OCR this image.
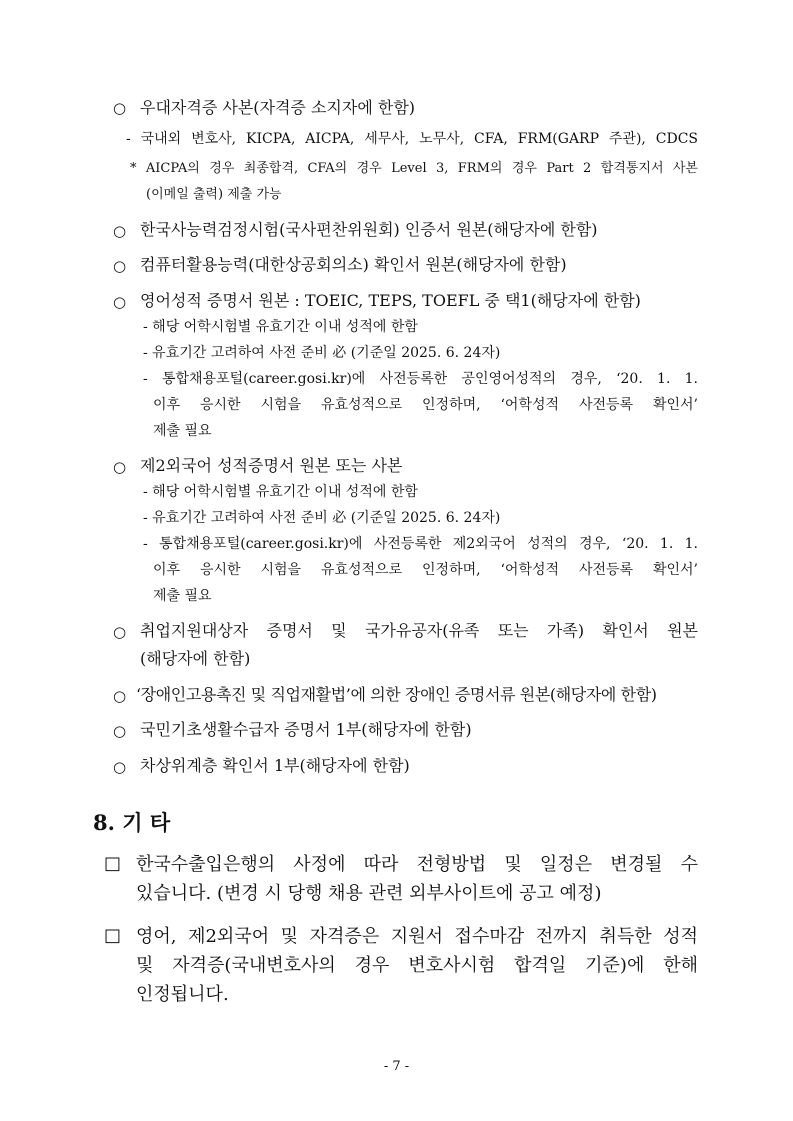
○ 우대자격증 사본(자격증 소지자에 한함)
- 국내외 변호사, KICPA, AICPA, 세무사, 노무사, CFA, FRM(GARP 주관), CDCS
* AICPA의 경우 최종합격, CFA의 경우 Level 3, FRM의 경우 Part 2 합격통지서 사본
(이메일 출력) 제출 가능
○ 한국사능력검정시험(국사편찬위원회) 인증서 원본(해당자에 한함)
○ 컴퓨터활용능력(대한상공회의소) 확인서 원본(해당자에 한함)
○ 영어성적 증명서 원본 : TOEIC, TEPS, TOEFL 중 택1(해당자에 한함)
- 해당 어학시험별 유효기간 이내 성적에 한함
- 유효기간 고려하여 사전 준비 必 (기준일 2025. 6. 24자)
- 통합채용포털(career.gosi.kr)에 사전등록한 공인영어성적의 경우, ‘20. 1. 1.
이후 응시한 시험을 유효성적으로 인정하며, ‘어학성적 사전등록 확인서’
제출 필요
○ 제2외국어 성적증명서 원본 또는 사본
- 해당 어학시험별 유효기간 이내 성적에 한함
- 유효기간 고려하여 사전 준비 必 (기준일 2025. 6. 24자)
- 통합채용포털(career.gosi.kr)에 사전등록한 제2외국어 성적의 경우, ‘20. 1. 1.
이후 응시한 시험을 유효성적으로 인정하며, ‘어학성적 사전등록 확인서’
제출 필요
○ 취업지원대상자 증명서 및 국가유공자(유족 또는 가족) 확인서 원본
(해당자에 한함)
○ ‘장애인고용촉진 및 직업재활법’에 의한 장애인 증명서류 원본(해당자에 한함)
○ 국민기초생활수급자 증명서 1부(해당자에 한함)
○ 차상위계층 확인서 1부(해당자에 한함)
8. 기 타
□ 한국수출입은행의 사정에 따라 전형방법 및 일정은 변경될 수
있습니다. (변경 시 당행 채용 관련 외부사이트에 공고 예정)
□ 영어, 제2외국어 및 자격증은 지원서 접수마감 전까지 취득한 성적
및 자격증(국내변호사의 경우 변호사시험 합격일 기준)에 한해
인정됩니다.
- 7 -
